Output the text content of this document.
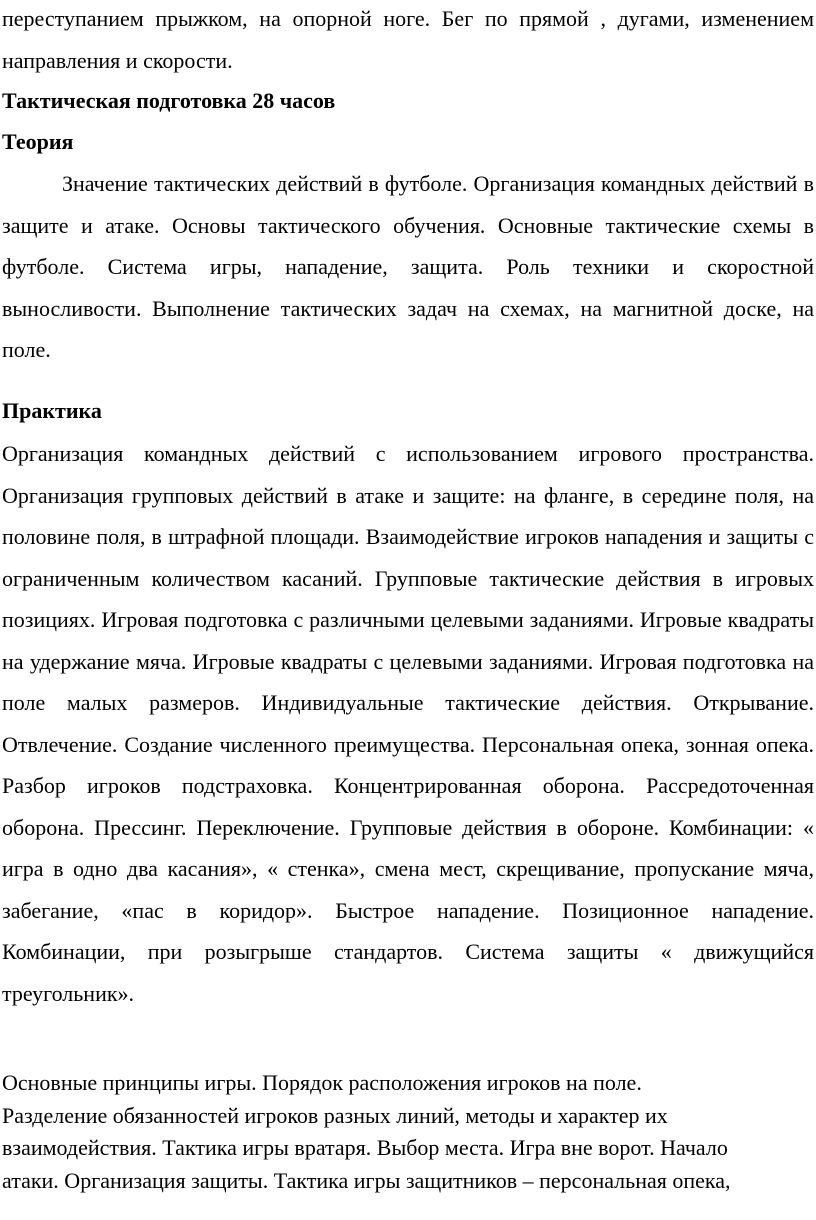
переступанием прыжком, на опорной ноге. Бег по прямой , дугами, изменением направления и скорости.

Тактическая подготовка 28 часов
Теория

Значение тактических действий в футболе. Организация командных действий в защите и атаке. Основы тактического обучения. Основные тактические схемы в футболе. Система игры, нападение, защита. Роль техники и скоростной выносливости. Выполнение тактических задач на схемах, на магнитной доске, на поле.

Практика

Организация командных действий с использованием игрового пространства. Организация групповых действий в атаке и защите: на фланге, в середине поля, на половине поля, в штрафной площади. Взаимодействие игроков нападения и защиты с ограниченным количеством касаний. Групповые тактические действия в игровых позициях. Игровая подготовка с различными целевыми заданиями. Игровые квадраты на удержание мяча. Игровые квадраты с целевыми заданиями. Игровая подготовка на поле малых размеров. Индивидуальные тактические действия. Открывание. Отвлечение. Создание численного преимущества. Персональная опека, зонная опека. Разбор игроков подстраховка. Концентрированная оборона. Рассредоточенная оборона. Прессинг. Переключение. Групповые действия в обороне. Комбинации: « игра в одно два касания», « стенка», смена мест, скрещивание, пропускание мяча, забегание, «пас в коридор». Быстрое нападение. Позиционное нападение. Комбинации, при розыгрыше стандартов. Система защиты « движущийся треугольник».

Основные принципы игры. Порядок расположения игроков на поле.
Разделение обязанностей игроков разных линий, методы и характер их
взаимодействия. Тактика игры вратаря. Выбор места. Игра вне ворот. Начало
атаки. Организация защиты. Тактика игры защитников – персональная опека,
